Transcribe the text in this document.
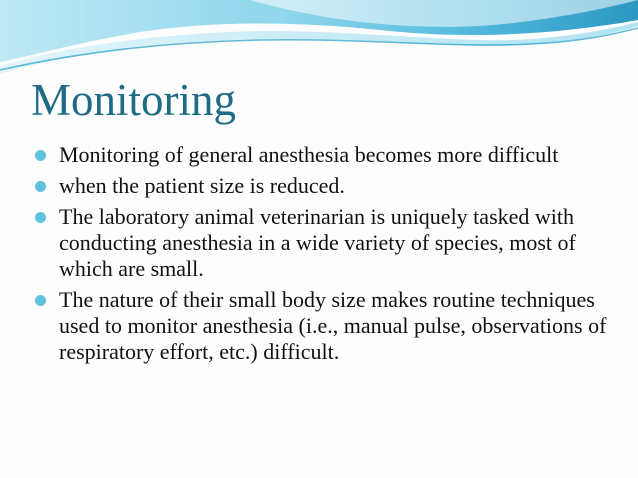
Monitoring
Monitoring of general anesthesia becomes more difficult
when the patient size is reduced.
The laboratory animal veterinarian is uniquely tasked with conducting anesthesia in a wide variety of species, most of which are small.
The nature of their small body size makes routine techniques used to monitor anesthesia (i.e., manual pulse, observations of respiratory effort, etc.) difficult.
